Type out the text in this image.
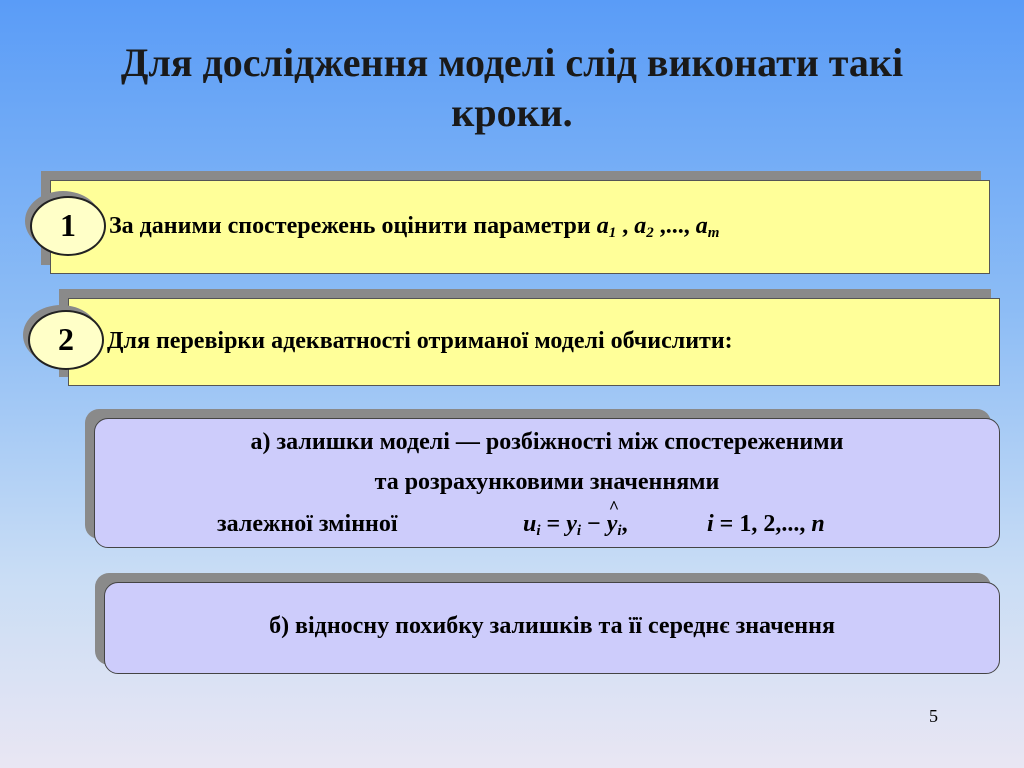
Для дослідження моделі слід виконати такі
кроки.
За даними спостережень оцінити параметри $a_1$ , $a_2$ ,..., $a_m$
1
Для перевірки адекватності отриманої моделі обчислити:
2
а) залишки моделі — розбіжності між спостереженими
та розрахунковими значеннями
залежної змінної	$u_i = y_i$ − ^ $y_i$,	i = 1, 2,..., n
б) відносну похибку залишків та її середнє значення
5
